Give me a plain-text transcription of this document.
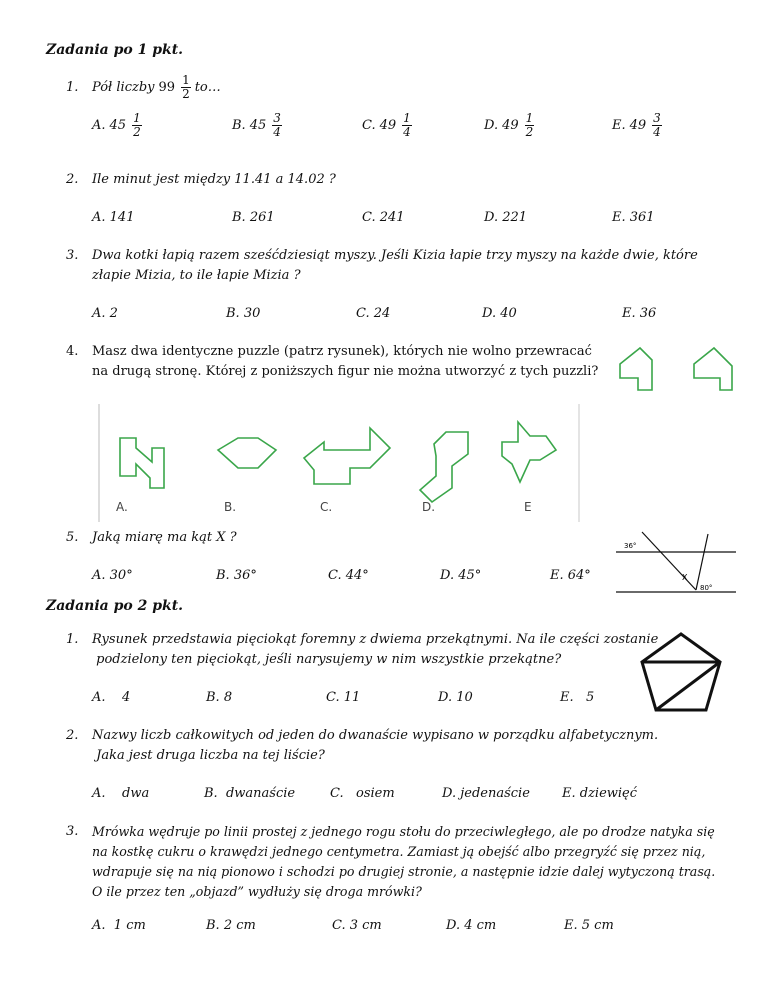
Zadania po 1 pkt.
1. Pół liczby $99 \frac{1}{2}$ to…
A. $45 \frac{1}{2}$	B. $45 \frac{3}{4}$	C. $49 \frac{1}{4}$	D. $49 \frac{1}{2}$	E. $49 \frac{3}{4}$
2. Ile minut jest między 11.41 a 14.02 ?
A. 141	B. 261	C. 241	D. 221	E. 361
3. Dwa kotki łapią razem sześćdziesiąt myszy. Jeśli Kizia łapie trzy myszy na każde dwie, które
złapie Mizia, to ile łapie Mizia ?
A. 2	B. 30	C. 24	D. 40	E. 36
4. Masz dwa identyczne puzzle (patrz rysunek), których nie wolno przewracać
na drugą stronę. Której z poniższych figur nie można utworzyć z tych puzzli?
A.	B.	C.	D.	E
5. Jaką miarę ma kąt X ?
A. 30°	B. 36°	C. 44°	D. 45°	E. 64°
36°
X
80°
Zadania po 2 pkt.
1. Rysunek przedstawia pięciokąt foremny z dwiema przekątnymi. Na ile części zostanie
podzielony ten pięciokąt, jeśli narysujemy w nim wszystkie przekątne?
A.    4	B. 8	C. 11	D. 10	E.   5
2. Nazwy liczb całkowitych od jeden do dwanaście wypisano w porządku alfabetycznym.
Jaka jest druga liczba na tej liście?
A.    dwa	B.  dwanaście	C.   osiem	D. jedenaście E. dziewięć
3. Mrówka wędruje po linii prostej z jednego rogu stołu do przeciwległego, ale po drodze natyka się
na kostkę cukru o krawędzi jednego centymetra. Zamiast ją obejść albo przegryźć się przez nią,
wdrapuje się na nią pionowo i schodzi po drugiej stronie, a następnie idzie dalej wytyczoną trasą.
O ile przez ten „objazd” wydłuży się droga mrówki?
A.  1 cm	B. 2 cm	C. 3 cm	D. 4 cm	E. 5 cm
